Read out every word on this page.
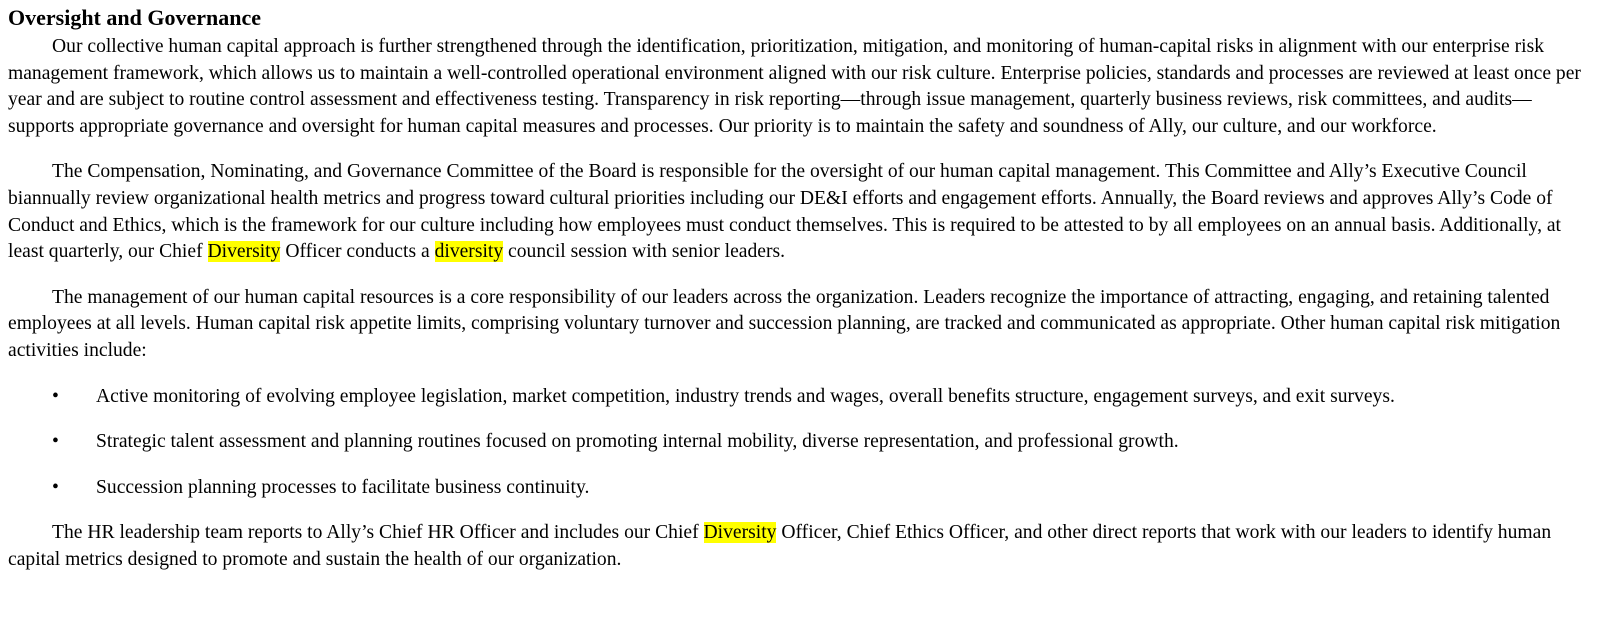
Oversight and Governance

Our collective human capital approach is further strengthened through the identification, prioritization, mitigation, and monitoring of human-capital risks in alignment with our enterprise risk management framework, which allows us to maintain a well-controlled operational environment aligned with our risk culture. Enterprise policies, standards and processes are reviewed at least once per year and are subject to routine control assessment and effectiveness testing. Transparency in risk reporting—through issue management, quarterly business reviews, risk committees, and audits—supports appropriate governance and oversight for human capital measures and processes. Our priority is to maintain the safety and soundness of Ally, our culture, and our workforce.

The Compensation, Nominating, and Governance Committee of the Board is responsible for the oversight of our human capital management. This Committee and Ally’s Executive Council biannually review organizational health metrics and progress toward cultural priorities including our DE&I efforts and engagement efforts. Annually, the Board reviews and approves Ally’s Code of Conduct and Ethics, which is the framework for our culture including how employees must conduct themselves. This is required to be attested to by all employees on an annual basis. Additionally, at least quarterly, our Chief Diversity Officer conducts a diversity council session with senior leaders.

The management of our human capital resources is a core responsibility of our leaders across the organization. Leaders recognize the importance of attracting, engaging, and retaining talented employees at all levels. Human capital risk appetite limits, comprising voluntary turnover and succession planning, are tracked and communicated as appropriate. Other human capital risk mitigation activities include:

• Active monitoring of evolving employee legislation, market competition, industry trends and wages, overall benefits structure, engagement surveys, and exit surveys.
• Strategic talent assessment and planning routines focused on promoting internal mobility, diverse representation, and professional growth.
• Succession planning processes to facilitate business continuity.

The HR leadership team reports to Ally’s Chief HR Officer and includes our Chief Diversity Officer, Chief Ethics Officer, and other direct reports that work with our leaders to identify human capital metrics designed to promote and sustain the health of our organization.
